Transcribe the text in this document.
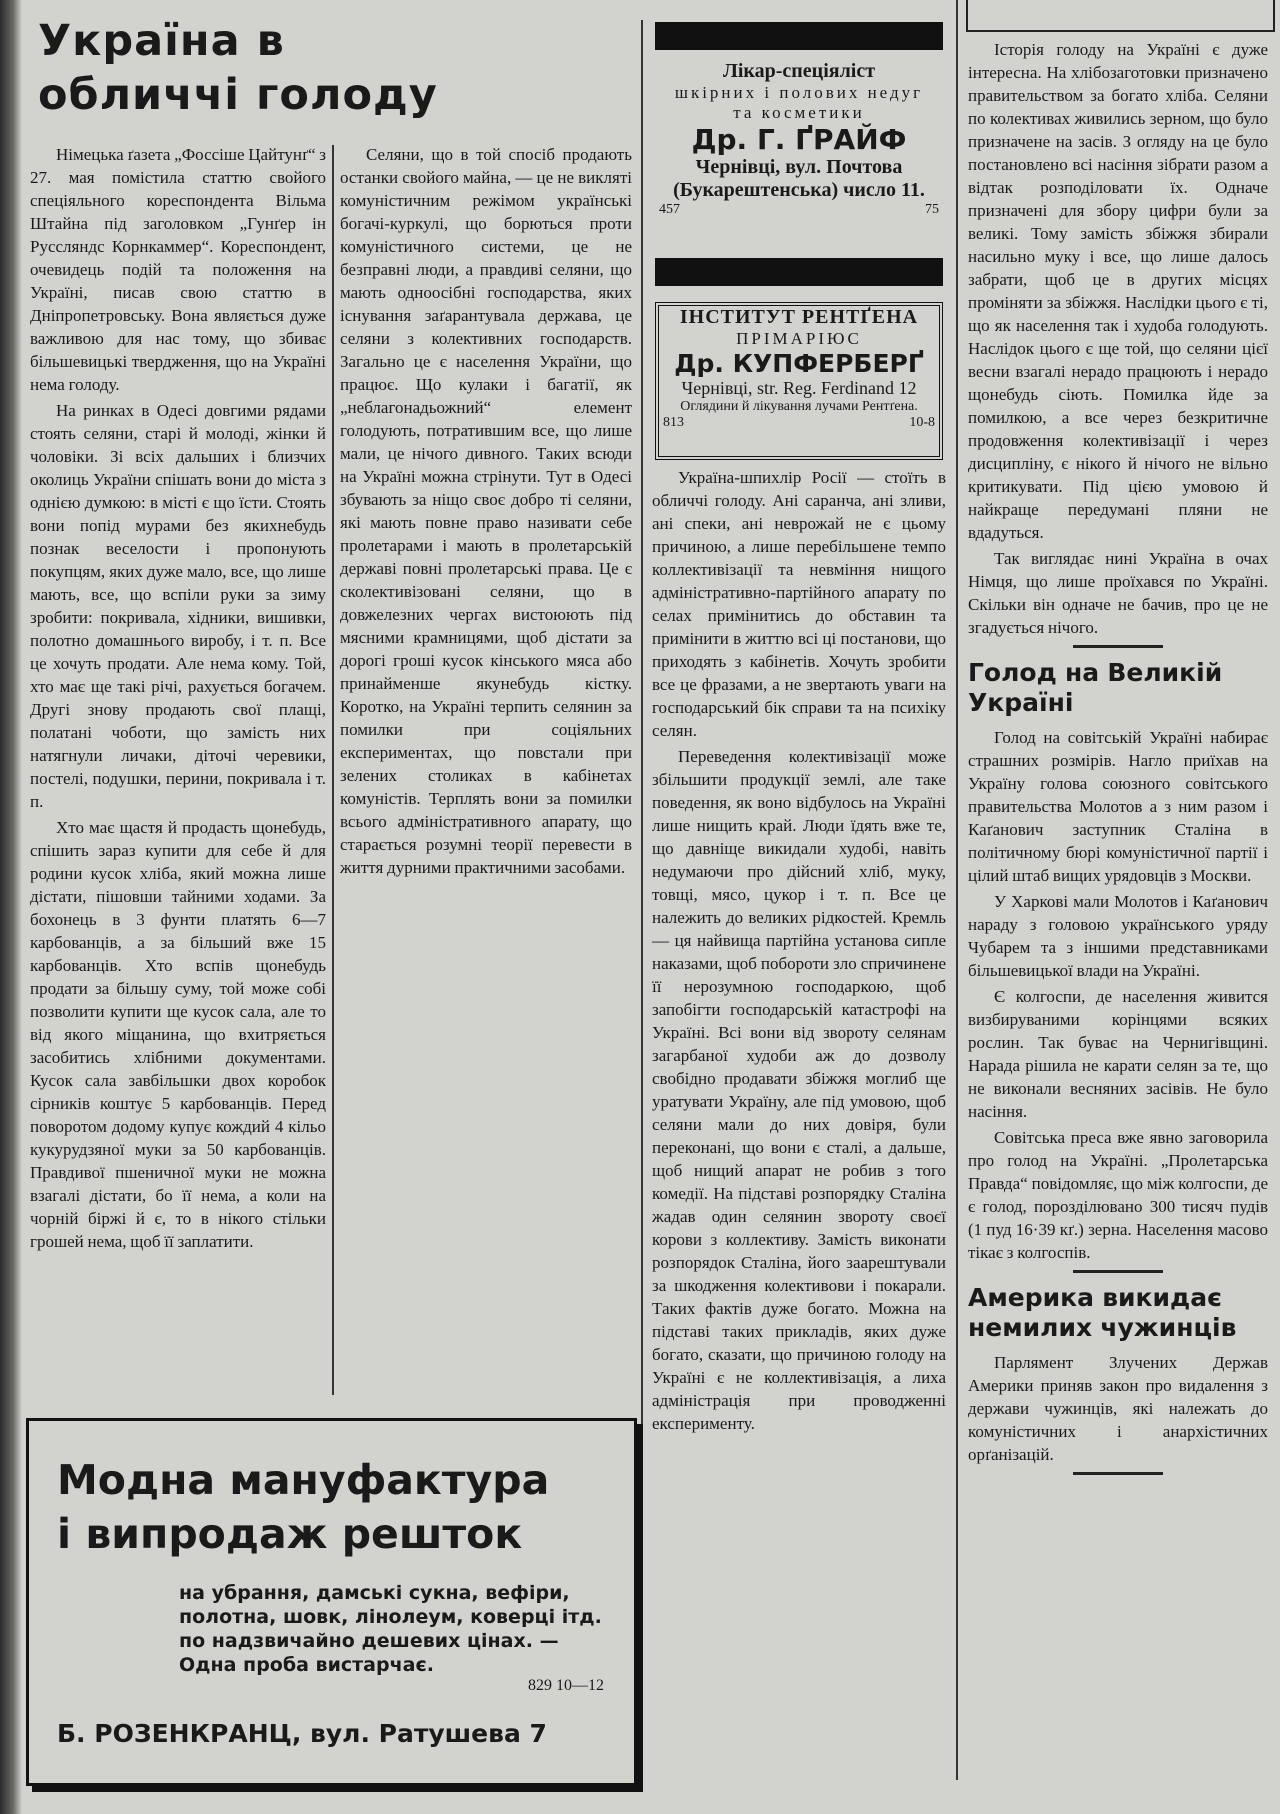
Україна в обличчі голоду

Німецька ґазета „Фоссіше Цайтунґ“ з 27. мая помістила статтю свойого спеціяльного кореспондента Вільма Штайна під заголовком „Гунґер ін Руссляндс Корнкаммер“. Кореспондент, очевидець подій та положення на Україні, писав свою статтю в Дніпропетровську. Вона являється дуже важливою для нас тому, що збиває більшевицькі твердження, що на Україні нема голоду.

На ринках в Одесі довгими рядами стоять селяни, старі й молоді, жінки й чоловіки. Зі всіх дальших і близчих околиць України спішать вони до міста з однією думкою: в місті є що їсти. Стоять вони попід мурами без якихнебудь познак веселости і пропонують покупцям, яких дуже мало, все, що лише мають, все, що вспіли руки за зиму зробити: покривала, хідники, вишивки, полотно домашнього виробу, і т. п. Все це хочуть продати. Але нема кому. Той, хто має ще такі річі, рахується богачем. Другі знову продають свої плащі, полатані чоботи, що замість них натягнули личаки, діточі черевики, постелі, подушки, перини, покривала і т. п.

Хто має щастя й продасть щонебудь, спішить зараз купити для себе й для родини кусок хліба, який можна лише дістати, пішовши тайними ходами. За бохонець в 3 фунти платять 6—7 карбованців, а за більший вже 15 карбованців. Хто вспів щонебудь продати за більшу суму, той може собі позволити купити ще кусок сала, але то від якого міщанина, що вхитряється засобитись хлібними документами. Кусок сала завбільшки двох коробок сірників коштує 5 карбованців. Перед поворотом додому купує кождий 4 кільо кукурудзяної муки за 50 карбованців. Правдивої пшеничної муки не можна взагалі дістати, бо її нема, а коли на чорній біржі й є, то в нікого стільки грошей нема, щоб її заплатити.

Селяни, що в той спосіб продають останки свойого майна, — це не виклятi комуністичним режімом українські богачі-куркулі, що борються проти комуністичного системи, це не безправні люди, а правдиві селяни, що мають одноосібні господарства, яких існування заґарантувала держава, це селяни з колективних господарств. Загально це є населення України, що працює. Що кулаки і багатії, як „неблагонадьожний“ елемент голодують, потратившим все, що лише мали, це нічого дивного. Таких всюди на Україні можна стрінути. Тут в Одесі збувають за ніщо своє добро ті селяни, які мають повне право називати себе пролетарами і мають в пролетарській державі повні пролетарські права. Це є сколективізовані селяни, що в довжелезних чергах вистоюють під мясними крамницями, щоб дістати за дорогі гроші кусок кінського мяса або принайменше якунебудь кістку. Коротко, на Україні терпить селянин за помилки при соціяльних експериментах, що повстали при зелених столиках в кабінетах комуністів. Терплять вони за помилки всього адміністративного апарату, що старається розумні теорії перевести в життя дурними практичними засобами.

Лікар-спеціяліст
шкірних і полових недуг
та косметики
Др. Г. ҐРАЙФ
Чернівці, вул. Почтова
(Букарештенська) число 11.
457	75
ІНСТИТУТ РЕНТҐЕНА
ПРІМАРІЮС
Др. КУПФЕРБЕРҐ
Чернівці, str. Reg. Ferdinand 12
Оглядини й лікування лучами Рентґена.
813	10-8

Україна-шпихлір Росії — стоїть в обличчі голоду. Ані саранча, ані зливи, ані спеки, ані неврожай не є цьому причиною, а лише перебільшене темпо коллективізації та невміння нищого адміністративно-партійного апарату по селах примінитись до обставин та примінити в життю всі ці постанови, що приходять з кабінетів. Хочуть зробити все це фразами, а не звертають уваги на господарський бік справи та на психіку селян.

Переведення колективізації може збільшити продукції землі, але таке поведення, як воно відбулось на Україні лише нищить край. Люди їдять вже те, що давніще викидали худобі, навіть недумаючи про дійсний хліб, муку, товщі, мясо, цукор і т. п. Все це належить до великих рідкостей. Кремль — ця найвища партійна установа сипле наказами, щоб побороти зло спричинене її нерозумною господаркою, щоб запобігти господарській катастрофі на Україні. Всі вони від звороту селянам загарбаної худоби аж до дозволу свобідно продавати збіжжя моглиб ще уратувати Україну, але під умовою, щоб селяни мали до них довіря, були переконані, що вони є сталі, а дальше, щоб нищий апарат не робив з того комедії. На підставі розпорядку Сталіна жадав один селянин звороту своєї корови з коллективу. Замість виконати розпорядок Сталіна, його заарештували за шкодження колективови і покарали. Таких фактів дуже богато. Можна на підставі таких прикладів, яких дуже богато, сказати, що причиною голоду на Україні є не коллективізація, а лиха адміністрація при проводженні експерименту.

Історія голоду на Україні є дуже інтересна. На хлібозаготовки призначено правительством за богато хліба. Селяни по колективах живились зерном, що було призначене на засів. З огляду на це було постановлено всі насіння зібрати разом а відтак розподіловати їх. Одначе призначені для збору цифри були за великі. Тому замість збіжжя збирали насильно муку і все, що лише далось забрати, щоб це в других місцях проміняти за збіжжя. Наслідки цього є ті, що як населення так і худоба голодують. Наслідок цього є ще той, що селяни цієї весни взагалі нерадо працюють і нерадо щонебудь сіють. Помилка йде за помилкою, а все через безкритичне продовження колективізації і через дисципліну, є нікого й нічого не вільно критикувати. Під цією умовою й найкраще передумані пляни не вдадуться.

Так виглядає нині Україна в очах Німця, що лише проїхався по Україні. Скільки він одначе не бачив, про це не згадується нічого.

Голод на Великій Україні

Голод на совітській Україні набирає страшних розмірів. Нагло приїхав на Україну голова союзного совітського правительства Молотов а з ним разом і Каґанович заступник Сталіна в політичному бюрі комуністичної партії і цілий штаб вищих урядовців з Москви.

У Харкові мали Молотов і Каґанович нараду з головою українського уряду Чубарем та з іншими представниками більшевицької влади на Україні.

Є колгоспи, де населення живится визбируваними корінцями всяких рослин. Так буває на Чернигівщині. Нарада рішила не карати селян за те, що не виконали весняних засівів. Не було насіння.

Совітська преса вже явно заговорила про голод на Україні. „Пролетарська Правда“ повідомляє, що між колгоспи, де є голод, порозділювано 300 тисяч пудів (1 пуд 16·39 кґ.) зерна. Населення масово тікає з колгоспів.

Америка викидає немилих чужинців

Парлямент Злучених Держав Америки приняв закон про видалення з держави чужинців, які належать до комуністичних і анархістичних орґанізацій.

Модна мануфактура
і випродаж решток
на убрання, дамські сукна, вефіри, полотна, шовк, лінолеум, коверці ітд. по надзвичайно дешевих цінах. — Одна проба вистарчає.
829 10—12
Б. РОЗЕНКРАНЦ, вул. Ратушева 7
